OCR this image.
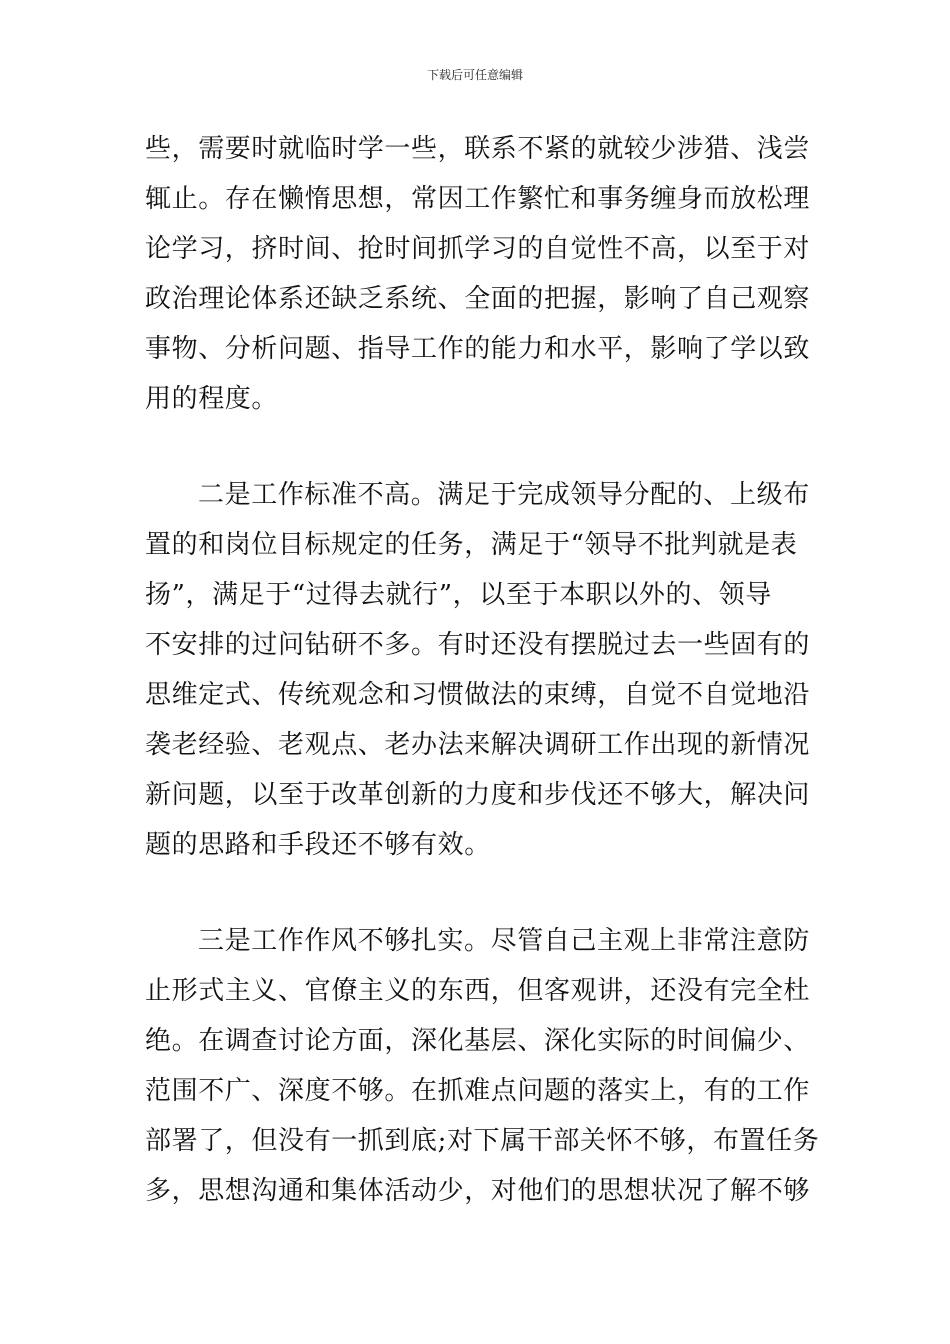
下载后可任意编辑
些，需要时就临时学一些，联系不紧的就较少涉猎、浅尝
辄止。存在懒惰思想，常因工作繁忙和事务缠身而放松理
论学习，挤时间、抢时间抓学习的自觉性不高，以至于对
政治理论体系还缺乏系统、全面的把握，影响了自己观察
事物、分析问题、指导工作的能力和水平，影响了学以致
用的程度。
二是工作标准不高。满足于完成领导分配的、上级布
置的和岗位目标规定的任务，满足于“领导不批判就是表
扬”，满足于“过得去就行”，以至于本职以外的、领导
不安排的过问钻研不多。有时还没有摆脱过去一些固有的
思维定式、传统观念和习惯做法的束缚，自觉不自觉地沿
袭老经验、老观点、老办法来解决调研工作出现的新情况
新问题，以至于改革创新的力度和步伐还不够大，解决问
题的思路和手段还不够有效。
三是工作作风不够扎实。尽管自己主观上非常注意防
止形式主义、官僚主义的东西，但客观讲，还没有完全杜
绝。在调查讨论方面，深化基层、深化实际的时间偏少、
范围不广、深度不够。在抓难点问题的落实上，有的工作
部署了，但没有一抓到底;对下属干部关怀不够，布置任务
多，思想沟通和集体活动少，对他们的思想状况了解不够
